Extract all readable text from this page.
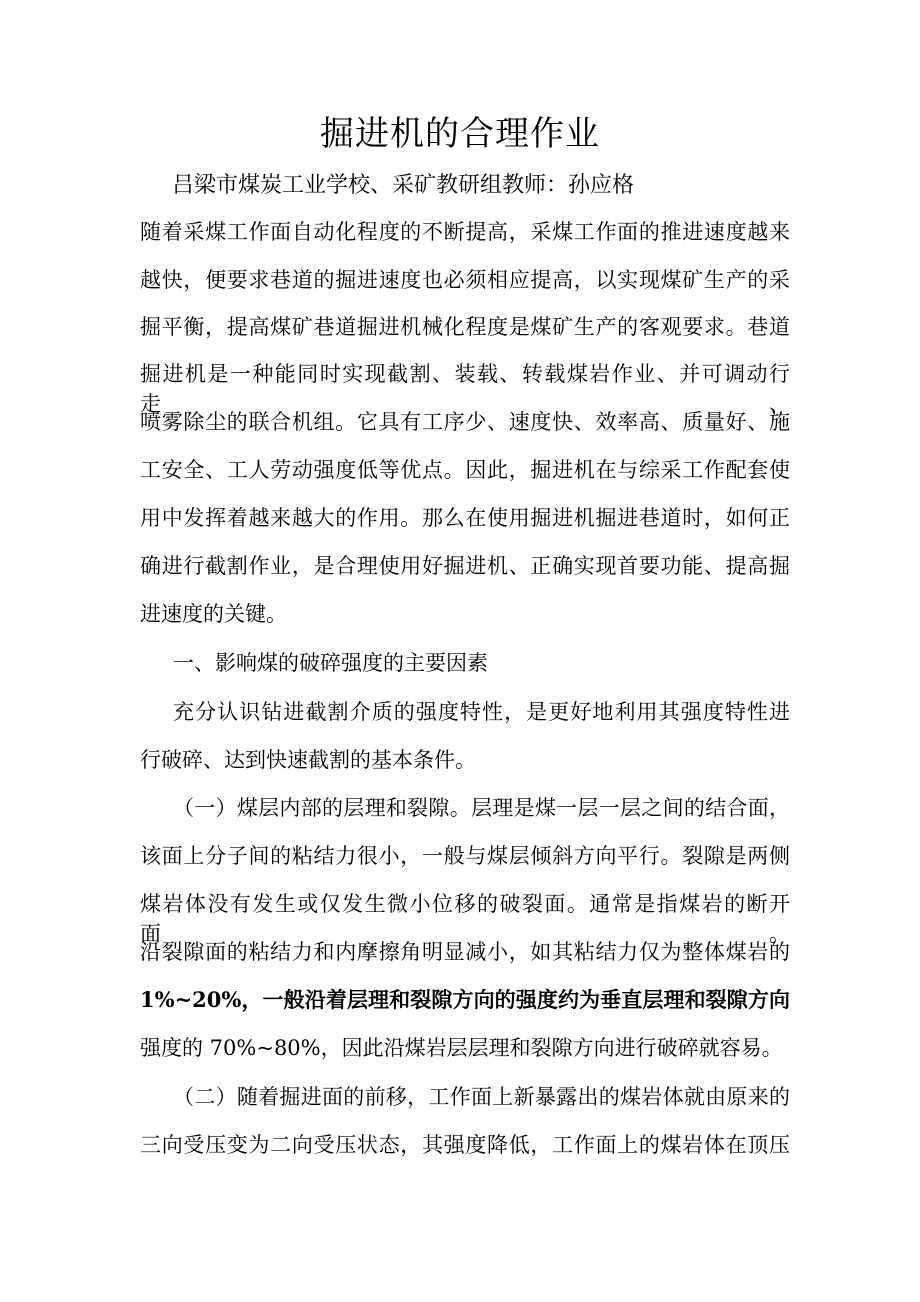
掘进机的合理作业

吕梁市煤炭工业学校、采矿教研组教师：孙应格

随着采煤工作面自动化程度的不断提高，采煤工作面的推进速度越来

越快，便要求巷道的掘进速度也必须相应提高，以实现煤矿生产的采

掘平衡，提高煤矿巷道掘进机械化程度是煤矿生产的客观要求。巷道

掘进机是一种能同时实现截割、装载、转载煤岩作业、并可调动行走、

喷雾除尘的联合机组。它具有工序少、速度快、效率高、质量好、施

工安全、工人劳动强度低等优点。因此，掘进机在与综采工作配套使

用中发挥着越来越大的作用。那么在使用掘进机掘进巷道时，如何正

确进行截割作业，是合理使用好掘进机、正确实现首要功能、提高掘

进速度的关键。

一、影响煤的破碎强度的主要因素

充分认识钻进截割介质的强度特性，是更好地利用其强度特性进

行破碎、达到快速截割的基本条件。

（一）煤层内部的层理和裂隙。层理是煤一层一层之间的结合面，

该面上分子间的粘结力很小，一般与煤层倾斜方向平行。裂隙是两侧

煤岩体没有发生或仅发生微小位移的破裂面。通常是指煤岩的断开面。

沿裂隙面的粘结力和内摩擦角明显减小，如其粘结力仅为整体煤岩的

1%~20%，一般沿着层理和裂隙方向的强度约为垂直层理和裂隙方向

强度的 70%~80%，因此沿煤岩层层理和裂隙方向进行破碎就容易。

（二）随着掘进面的前移，工作面上新暴露出的煤岩体就由原来的

三向受压变为二向受压状态，其强度降低，工作面上的煤岩体在顶压
